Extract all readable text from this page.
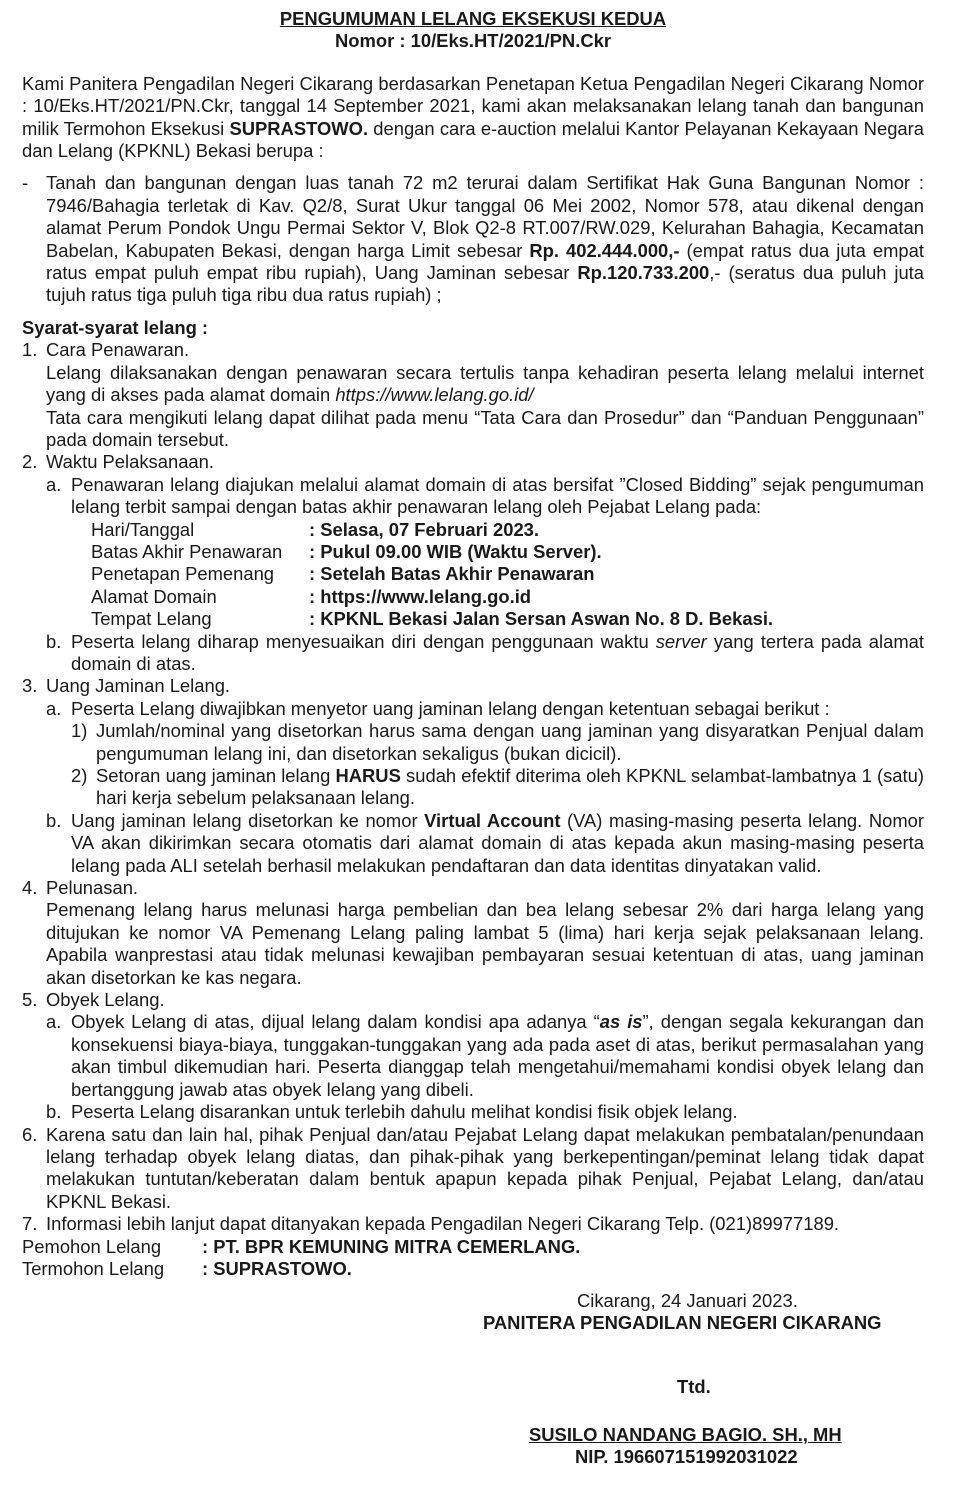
PENGUMUMAN LELANG EKSEKUSI KEDUA

Nomor : 10/Eks.HT/2021/PN.Ckr

Kami Panitera Pengadilan Negeri Cikarang berdasarkan Penetapan Ketua Pengadilan Negeri Cikarang Nomor : 10/Eks.HT/2021/PN.Ckr, tanggal 14 September 2021, kami akan melaksanakan lelang tanah dan bangunan milik Termohon Eksekusi SUPRASTOWO. dengan cara e-auction melalui Kantor Pelayanan Kekayaan Negara dan Lelang (KPKNL) Bekasi berupa :

- Tanah dan bangunan dengan luas tanah 72 m2 terurai dalam Sertifikat Hak Guna Bangunan Nomor : 7946/Bahagia terletak di Kav. Q2/8, Surat Ukur tanggal 06 Mei 2002, Nomor 578, atau dikenal dengan alamat Perum Pondok Ungu Permai Sektor V, Blok Q2-8 RT.007/RW.029, Kelurahan Bahagia, Kecamatan Babelan, Kabupaten Bekasi, dengan harga Limit sebesar Rp. 402.444.000,- (empat ratus dua juta empat ratus empat puluh empat ribu rupiah), Uang Jaminan sebesar Rp.120.733.200,- (seratus dua puluh juta tujuh ratus tiga puluh tiga ribu dua ratus rupiah) ;

Syarat-syarat lelang :

1. Cara Penawaran.

Lelang dilaksanakan dengan penawaran secara tertulis tanpa kehadiran peserta lelang melalui internet yang di akses pada alamat domain https://www.lelang.go.id/

Tata cara mengikuti lelang dapat dilihat pada menu “Tata Cara dan Prosedur” dan “Panduan Penggunaan” pada domain tersebut.

2. Waktu Pelaksanaan.

a. Penawaran lelang diajukan melalui alamat domain di atas bersifat ”Closed Bidding” sejak pengumuman lelang terbit sampai dengan batas akhir penawaran lelang oleh Pejabat Lelang pada:

Hari/Tanggal	: Selasa, 07 Februari 2023.
Batas Akhir Penawaran	: Pukul 09.00 WIB (Waktu Server).
Penetapan Pemenang	: Setelah Batas Akhir Penawaran
Alamat Domain	: https://www.lelang.go.id
Tempat Lelang	: KPKNL Bekasi Jalan Sersan Aswan No. 8 D. Bekasi.
b. Peserta lelang diharap menyesuaikan diri dengan penggunaan waktu server yang tertera pada alamat domain di atas.

3. Uang Jaminan Lelang.

a. Peserta Lelang diwajibkan menyetor uang jaminan lelang dengan ketentuan sebagai berikut :

1) Jumlah/nominal yang disetorkan harus sama dengan uang jaminan yang disyaratkan Penjual dalam pengumuman lelang ini, dan disetorkan sekaligus (bukan dicicil).

2) Setoran uang jaminan lelang HARUS sudah efektif diterima oleh KPKNL selambat-lambatnya 1 (satu) hari kerja sebelum pelaksanaan lelang.

b. Uang jaminan lelang disetorkan ke nomor Virtual Account (VA) masing-masing peserta lelang. Nomor VA akan dikirimkan secara otomatis dari alamat domain di atas kepada akun masing-masing peserta lelang pada ALI setelah berhasil melakukan pendaftaran dan data identitas dinyatakan valid.

4. Pelunasan.

Pemenang lelang harus melunasi harga pembelian dan bea lelang sebesar 2% dari harga lelang yang ditujukan ke nomor VA Pemenang Lelang paling lambat 5 (lima) hari kerja sejak pelaksanaan lelang. Apabila wanprestasi atau tidak melunasi kewajiban pembayaran sesuai ketentuan di atas, uang jaminan akan disetorkan ke kas negara.

5. Obyek Lelang.

a. Obyek Lelang di atas, dijual lelang dalam kondisi apa adanya “as is”, dengan segala kekurangan dan konsekuensi biaya-biaya, tunggakan-tunggakan yang ada pada aset di atas, berikut permasalahan yang akan timbul dikemudian hari. Peserta dianggap telah mengetahui/memahami kondisi obyek lelang dan bertanggung jawab atas obyek lelang yang dibeli.

b. Peserta Lelang disarankan untuk terlebih dahulu melihat kondisi fisik objek lelang.

6. Karena satu dan lain hal, pihak Penjual dan/atau Pejabat Lelang dapat melakukan pembatalan/penundaan lelang terhadap obyek lelang diatas, dan pihak-pihak yang berkepentingan/peminat lelang tidak dapat melakukan tuntutan/keberatan dalam bentuk apapun kepada pihak Penjual, Pejabat Lelang, dan/atau KPKNL Bekasi.

7. Informasi lebih lanjut dapat ditanyakan kepada Pengadilan Negeri Cikarang Telp. (021)89977189.

Pemohon Lelang	: PT. BPR KEMUNING MITRA CEMERLANG.
Termohon Lelang	: SUPRASTOWO.

Cikarang, 24 Januari 2023.

PANITERA PENGADILAN NEGERI CIKARANG

Ttd.

SUSILO NANDANG BAGIO. SH., MH

NIP. 196607151992031022
